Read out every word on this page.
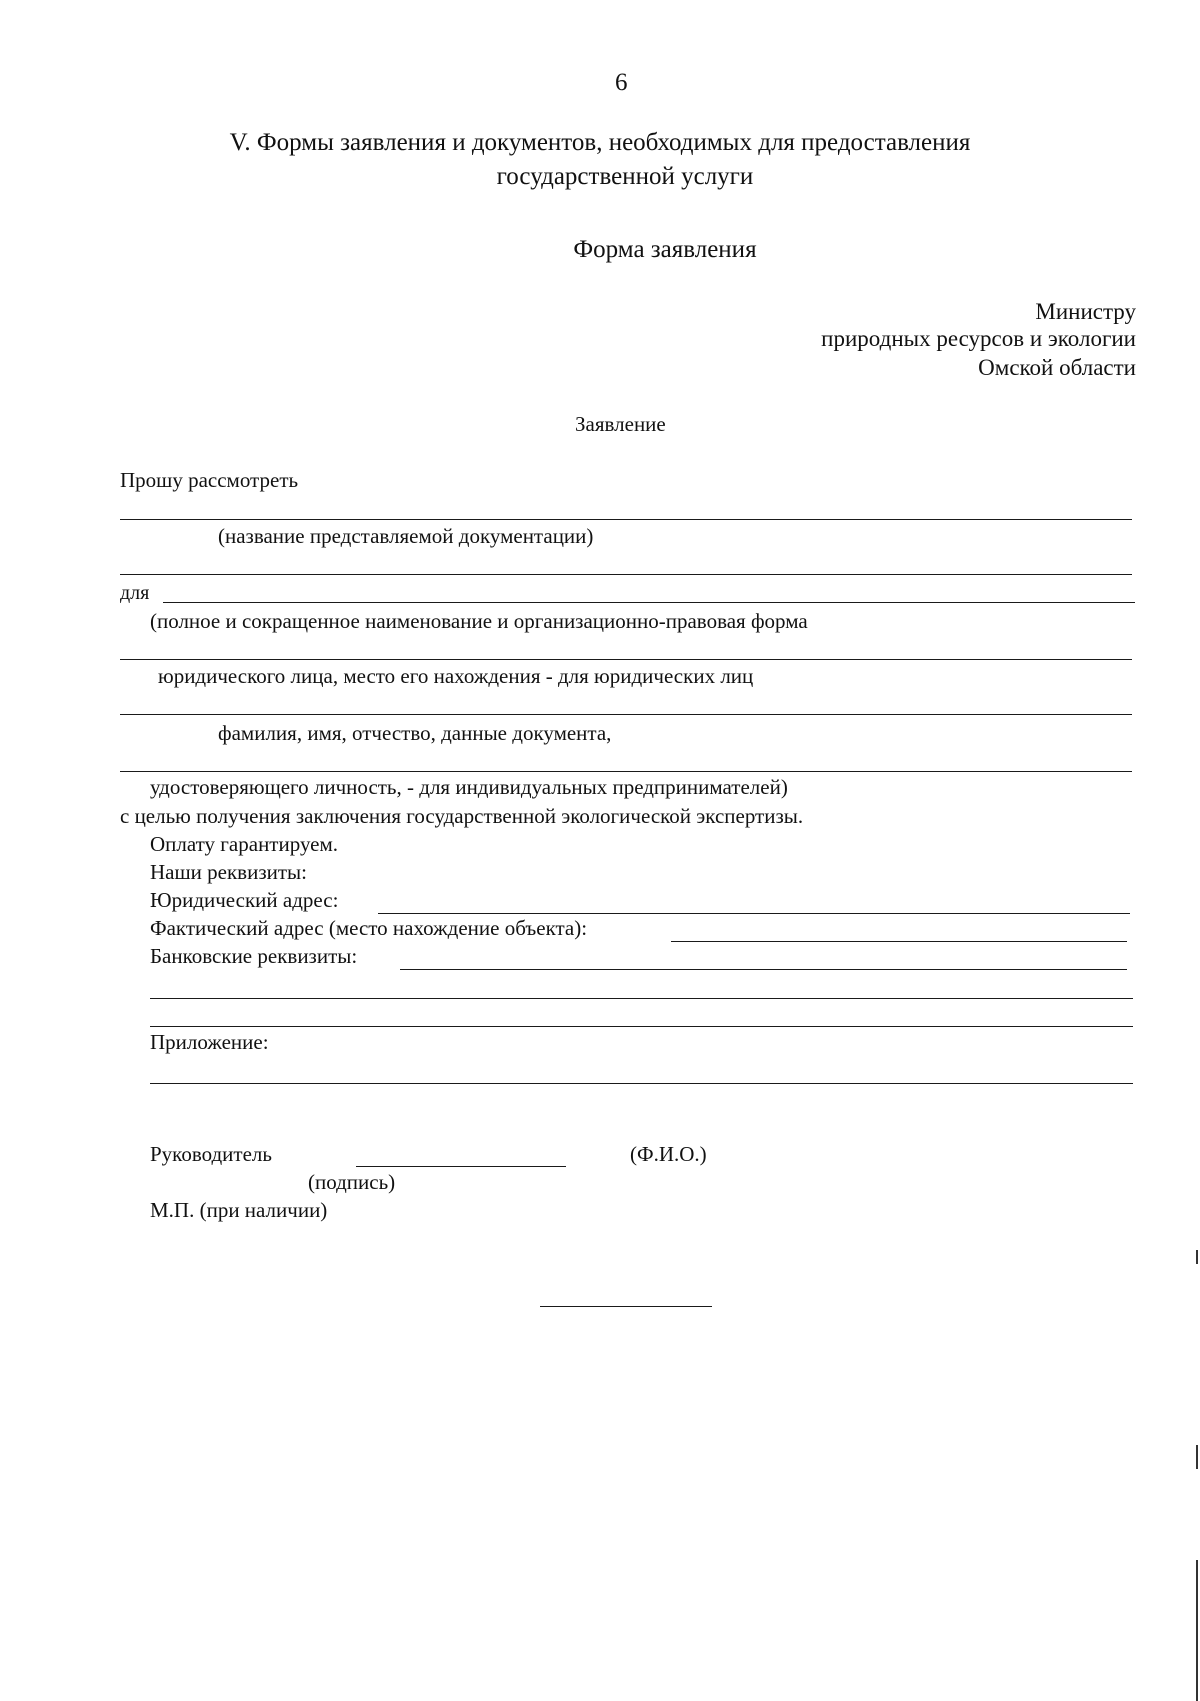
6
V. Формы заявления и документов, необходимых для предоставления
государственной услуги
Форма заявления
Министру
природных ресурсов и экологии
Омской области
Заявление
Прошу рассмотреть
(название представляемой документации)
для
(полное и сокращенное наименование и организационно-правовая форма
юридического лица, место его нахождения - для юридических лиц
фамилия, имя, отчество, данные документа,
удостоверяющего личность, - для индивидуальных предпринимателей)
с целью получения заключения государственной экологической экспертизы.
Оплату гарантируем.
Наши реквизиты:
Юридический адрес:
Фактический адрес (место нахождение объекта):
Банковские реквизиты:
Приложение:
Руководитель	(Ф.И.О.)
(подпись)
М.П. (при наличии)
